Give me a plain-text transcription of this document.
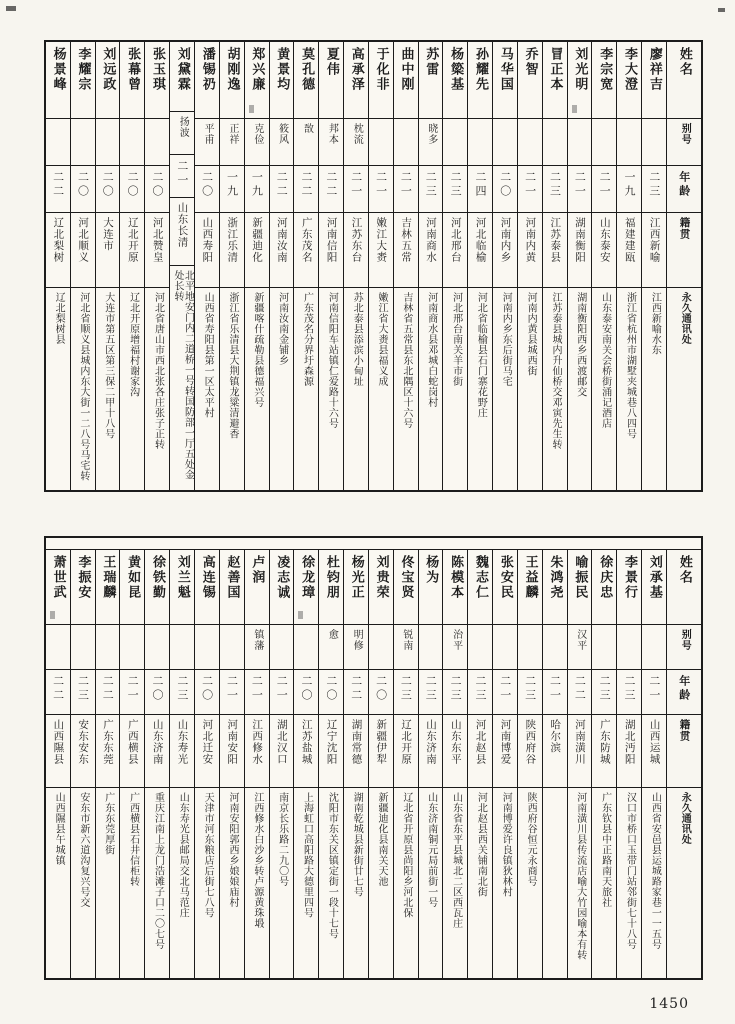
姓名
别号
年龄
籍贯
永久通讯处
廖祥吉
二三
江西新喻
江西新喻水东
李大澄
一九
福建建瓯
浙江省杭州市湖墅夹城巷八四号
李宗宽
二一
山东泰安
山东泰安南关会桥街涌记酒店
刘光明
二一
湖南衡阳
湖南衡阳西乡西渡邮交
冒正本
二三
江苏泰县
江苏泰县城内升仙桥交邓寅先生转
乔智
二一
河南内黄
河南内黄县城西街
马华国
二〇
河南内乡
河南内乡东后街马宅
孙耀先
二四
河北临榆
河北省临榆县石门寨花野庄
杨簗基
二三
河北邢台
河北邢台南关羊市街
苏雷
晓多
二三
河南商水
河南商水县邓城白蛇岗村
曲中刚
二一
吉林五常
吉林省五常县东北隅区十六号
于化非
二一
嫩江大赉
嫩江省大赉县福义成
高承泽
枕流
二一
江苏东台
苏北泰县添滨小甸址
夏伟
邦本
二二
河南信阳
河南信阳车站镇仁爱路十六号
莫孔德
敔
二二
广东茂名
广东茂名分界圩森源
黄景均
筱风
二二
河南汝南
河南汝南金铺乡
郑兴廉
克俭
一九
新疆迪化
新疆喀什疏勒县德福兴号
胡刚逸
正祥
一九
浙江乐清
浙江省乐清县大荆镇龙粱清避香
潘锡礽
平甫
二〇
山西寿阳
山西省寿阳县第一区太平村
刘黛霖
扬波
二一
山东长清
北平地安门内二道桥一号转国防部一厅五处金处长转
张玉琪
二〇
河北赞皇
河北省唐山市西北张各庄张子正转
张幕曾
二〇
辽北开原
辽北开原增福村谢家沟
刘远政
二〇
大连市
大连市第五区第三保二甲十八号
李耀宗
二〇
河北顺义
河北省顺义县城内东大街一二八号马宅转
杨景峰
二二
辽北梨树
辽北梨树县
姓名
别号
年龄
籍贯
永久通讯处
刘承基
二一
山西运城
山西省安邑县运城路家巷一一五号
李景行
二三
湖北沔阳
汉口市桥口玉带门站邻街七十八号
徐庆忠
二三
广东防城
广东钦县中正路南天旅社
喻振民
汉平
二二
河南潢川
河南潢川县传流店喻大竹园喻本有转
朱鸿尧
二一
哈尔滨
王益麟
二三
陕西府谷
陕西府谷恒元永商号
张安民
二一
河南博爱
河南博爱许良镇狄林村
魏志仁
二三
河北赵县
河北赵县西关铺南北街
陈模本
治平
二三
山东东平
山东省东平县城北二区西瓦庄
杨为
二三
山东济南
山东济南铜元局前街一号
佟宝贤
锐南
二三
辽北开原
辽北省开原县尚阳乡河北保
刘贵荣
二〇
新疆伊犁
新疆迪化县南关天池
杨光正
明修
二二
湖南常德
湖南乾城县新街廿七号
杜钧朋
愈
二〇
辽宁沈阳
沈阳市东关区镇定街一段十七号
徐龙璋
二〇
江苏盐城
上海虹口高阳路大德里四号
凌志诚
二一
湖北汉口
南京长乐路二九〇号
卢润
镇藩
二一
江西修水
江西修水白沙乡转卢源黄珠塅
赵善国
二一
河南安阳
河南安阳郭西乡娘娘庙村
高连锡
二〇
河北迁安
天津市河东粮店后街七八号
刘兰魁
二三
山东寿光
山东寿光县邮局交北马范庄
徐铁勤
二〇
山东济南
重庆江南上龙门浩滩子口二〇七号
黄如昆
二一
广西横县
广西横县石井信柜转
王瑞麟
二二
广东东莞
广东东莞厚街
李振安
二三
安东安东
安东市新六道沟复兴号交
萧世武
二二
山西隰县
山西隰县午城镇
1450
